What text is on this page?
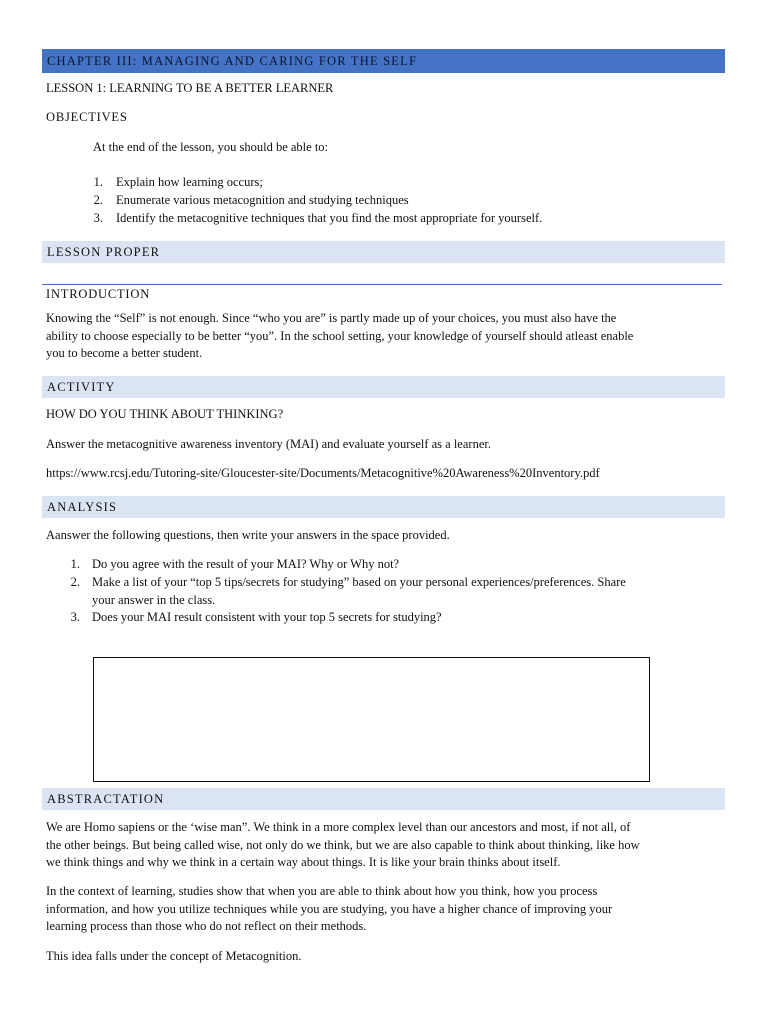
CHAPTER III: MANAGING AND CARING FOR THE SELF
LESSON 1: LEARNING TO BE A BETTER LEARNER
OBJECTIVES
At the end of the lesson, you should be able to:
1. Explain how learning occurs;
2. Enumerate various metacognition and studying techniques
3. Identify the metacognitive techniques that you find the most appropriate for yourself.
LESSON PROPER
INTRODUCTION
Knowing the “Self” is not enough. Since “who you are” is partly made up of your choices, you must also have the
ability to choose especially to be better “you”. In the school setting, your knowledge of yourself should atleast enable
you to become a better student.
ACTIVITY
HOW DO YOU THINK ABOUT THINKING?
Answer the metacognitive awareness inventory (MAI) and evaluate yourself as a learner.
https://www.rcsj.edu/Tutoring-site/Gloucester-site/Documents/Metacognitive%20Awareness%20Inventory.pdf
ANALYSIS
Aanswer the following questions, then write your answers in the space provided.
1. Do you agree with the result of your MAI? Why or Why not?
2. Make a list of your “top 5 tips/secrets for studying” based on your personal experiences/preferences. Share
your answer in the class.
3. Does your MAI result consistent with your top 5 secrets for studying?
ABSTRACTATION
We are Homo sapiens or the ‘wise man”. We think in a more complex level than our ancestors and most, if not all, of
the other beings. But being called wise, not only do we think, but we are also capable to think about thinking, like how
we think things and why we think in a certain way about things. It is like your brain thinks about itself.
In the context of learning, studies show that when you are able to think about how you think, how you process
information, and how you utilize techniques while you are studying, you have a higher chance of improving your
learning process than those who do not reflect on their methods.
This idea falls under the concept of Metacognition.
